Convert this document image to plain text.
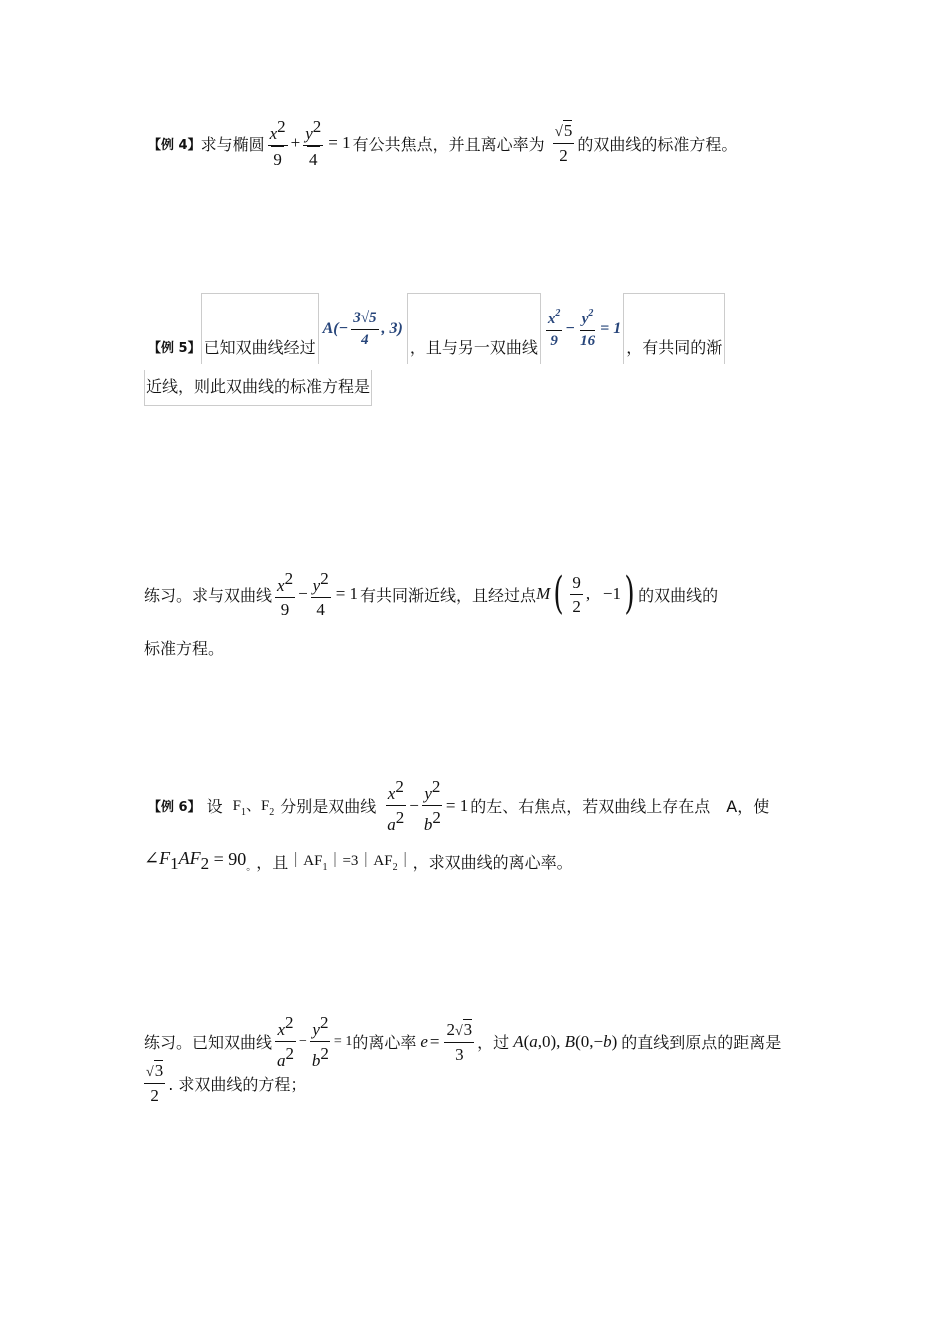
【例 4】 求与椭圆 $\frac{x^2}{9} + \frac{y^2}{4} = 1$ 有公共焦点，并且离心率为 $\frac{√5}{2}$ 的双曲线的标准方程。
【例 5】 已知双曲线经过
$A(- \frac{3√5}{4}$ , 3)
，且与另一双曲线 $\frac{x^2}{9} - \frac{y^2}{16} = 1$
，有共同的渐
近线，则此双曲线的标准方程是
练习。求与双曲线 $\frac{x^2}{9} - \frac{y^2}{4} = 1$ 有共同渐近线，且经过点 M ( $\frac{9}{2}$ ,   −1 ) 的双曲线的
标准方程。
【例 6】 设 $F_1$、$F_2$ 分别是双曲线 $\frac{x^2}{a^2} - \frac{y^2}{b^2} = 1$ 的左、右焦点，若双曲线上存在点 A，使
$\angle F_1AF_2 = 90_。$ ，且 $|AF_1|=3|AF_2|$ ，求双曲线的离心率。
练习。已知双曲线 $\frac{x^2}{a^2} - \frac{y^2}{b^2} = 1$ 的离心率 $e = \frac{2√3}{3}$ ，过 A ( a ,0), B (0,− b ) 的直线到原点的距离是
$\frac{√3}{2}$ . 求双曲线的方程；
